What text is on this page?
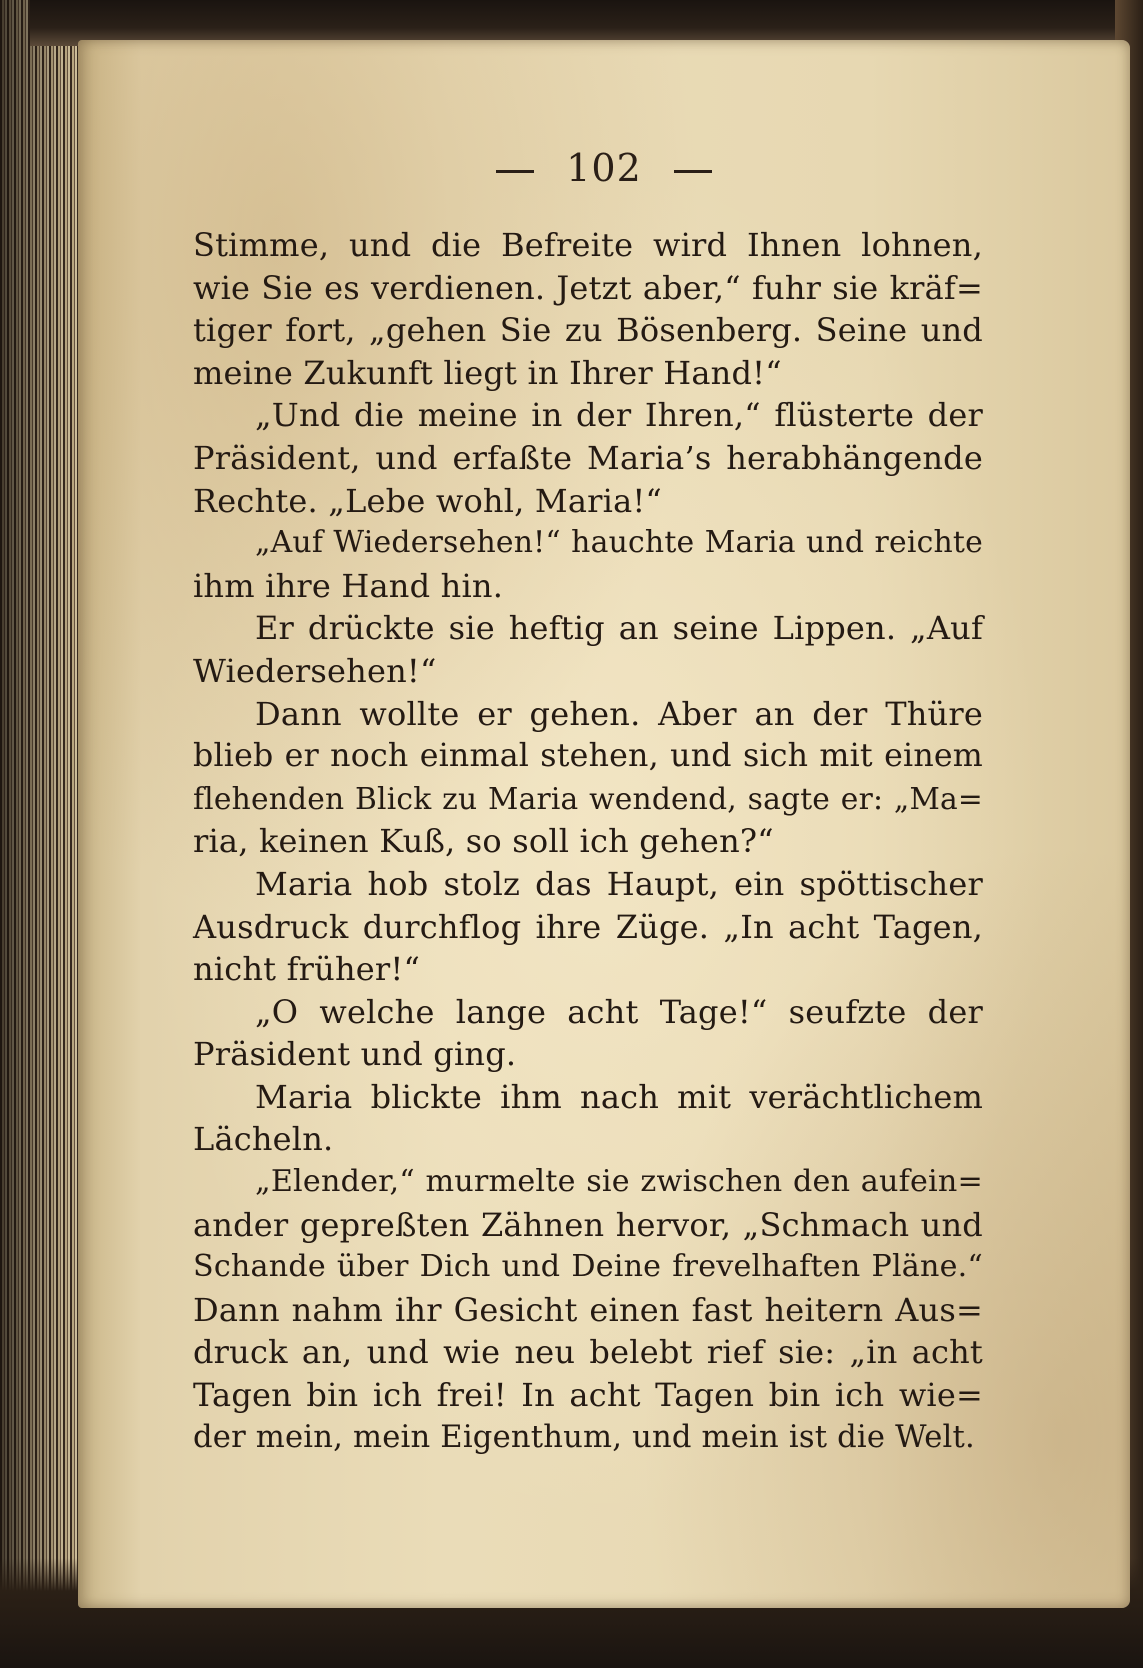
102
Stimme, und die Befreite wird Ihnen lohnen,
wie Sie es verdienen. Jetzt aber,“ fuhr sie kräf=
tiger fort, „gehen Sie zu Bösenberg. Seine und
meine Zukunft liegt in Ihrer Hand!“
„Und die meine in der Ihren,“ flüsterte der
Präsident, und erfaßte Maria’s herabhängende
Rechte. „Lebe wohl, Maria!“
„Auf Wiedersehen!“ hauchte Maria und reichte
ihm ihre Hand hin.
Er drückte sie heftig an seine Lippen. „Auf
Wiedersehen!“
Dann wollte er gehen. Aber an der Thüre
blieb er noch einmal stehen, und sich mit einem
flehenden Blick zu Maria wendend, sagte er: „Ma=
ria, keinen Kuß, so soll ich gehen?“
Maria hob stolz das Haupt, ein spöttischer
Ausdruck durchflog ihre Züge. „In acht Tagen,
nicht früher!“
„O welche lange acht Tage!“ seufzte der
Präsident und ging.
Maria blickte ihm nach mit verächtlichem
Lächeln.
„Elender,“ murmelte sie zwischen den aufein=
ander gepreßten Zähnen hervor, „Schmach und
Schande über Dich und Deine frevelhaften Pläne.“
Dann nahm ihr Gesicht einen fast heitern Aus=
druck an, und wie neu belebt rief sie: „in acht
Tagen bin ich frei! In acht Tagen bin ich wie=
der mein, mein Eigenthum, und mein ist die Welt.
